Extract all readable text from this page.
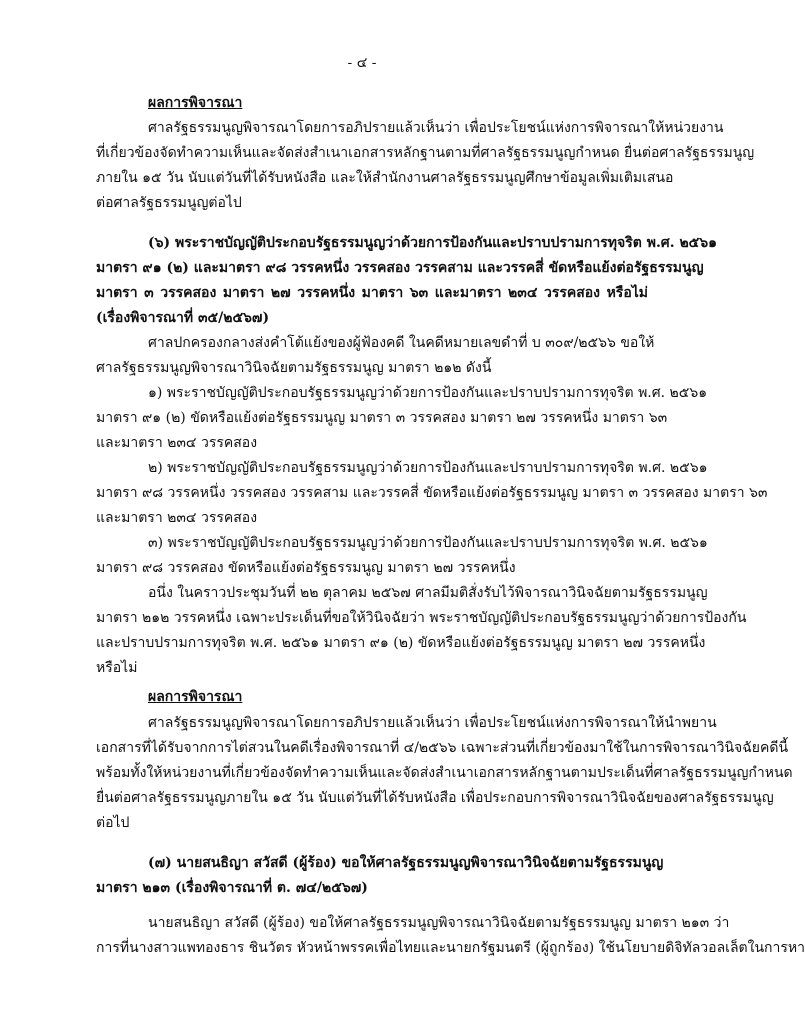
- ๔ -
ผลการพิจารณา
ศาลรัฐธรรมนูญพิจารณาโดยการอภิปรายแล้วเห็นว่า เพื่อประโยชน์แห่งการพิจารณาให้หน่วยงาน
ที่เกี่ยวข้องจัดทำความเห็นและจัดส่งสำเนาเอกสารหลักฐานตามที่ศาลรัฐธรรมนูญกำหนด ยื่นต่อศาลรัฐธรรมนูญ
ภายใน ๑๕ วัน นับแต่วันที่ได้รับหนังสือ และให้สำนักงานศาลรัฐธรรมนูญศึกษาข้อมูลเพิ่มเติมเสนอ
ต่อศาลรัฐธรรมนูญต่อไป
(๖) พระราชบัญญัติประกอบรัฐธรรมนูญว่าด้วยการป้องกันและปราบปรามการทุจริต พ.ศ. ๒๕๖๑
มาตรา ๙๑ (๒) และมาตรา ๙๘ วรรคหนึ่ง วรรคสอง วรรคสาม และวรรคสี่ ขัดหรือแย้งต่อรัฐธรรมนูญ
มาตรา ๓ วรรคสอง มาตรา ๒๗ วรรคหนึ่ง มาตรา ๖๓ และมาตรา ๒๓๔ วรรคสอง หรือไม่
(เรื่องพิจารณาที่ ๓๕/๒๕๖๗)
ศาลปกครองกลางส่งคำโต้แย้งของผู้ฟ้องคดี ในคดีหมายเลขดำที่ บ ๓๐๙/๒๕๖๖ ขอให้
ศาลรัฐธรรมนูญพิจารณาวินิจฉัยตามรัฐธรรมนูญ มาตรา ๒๑๒ ดังนี้
๑) พระราชบัญญัติประกอบรัฐธรรมนูญว่าด้วยการป้องกันและปราบปรามการทุจริต พ.ศ. ๒๕๖๑
มาตรา ๙๑ (๒) ขัดหรือแย้งต่อรัฐธรรมนูญ มาตรา ๓ วรรคสอง มาตรา ๒๗ วรรคหนึ่ง มาตรา ๖๓
และมาตรา ๒๓๔ วรรคสอง
๒) พระราชบัญญัติประกอบรัฐธรรมนูญว่าด้วยการป้องกันและปราบปรามการทุจริต พ.ศ. ๒๕๖๑
มาตรา ๙๘ วรรคหนึ่ง วรรคสอง วรรคสาม และวรรคสี่ ขัดหรือแย้งต่อรัฐธรรมนูญ มาตรา ๓ วรรคสอง มาตรา ๖๓
และมาตรา ๒๓๔ วรรคสอง
๓) พระราชบัญญัติประกอบรัฐธรรมนูญว่าด้วยการป้องกันและปราบปรามการทุจริต พ.ศ. ๒๕๖๑
มาตรา ๙๘ วรรคสอง ขัดหรือแย้งต่อรัฐธรรมนูญ มาตรา ๒๗ วรรคหนึ่ง
อนึ่ง ในคราวประชุมวันที่ ๒๒ ตุลาคม ๒๕๖๗ ศาลมีมติสั่งรับไว้พิจารณาวินิจฉัยตามรัฐธรรมนูญ
มาตรา ๒๑๒ วรรคหนึ่ง เฉพาะประเด็นที่ขอให้วินิจฉัยว่า พระราชบัญญัติประกอบรัฐธรรมนูญว่าด้วยการป้องกัน
และปราบปรามการทุจริต พ.ศ. ๒๕๖๑ มาตรา ๙๑ (๒) ขัดหรือแย้งต่อรัฐธรรมนูญ มาตรา ๒๗ วรรคหนึ่ง
หรือไม่
ผลการพิจารณา
ศาลรัฐธรรมนูญพิจารณาโดยการอภิปรายแล้วเห็นว่า เพื่อประโยชน์แห่งการพิจารณาให้นำพยาน
เอกสารที่ได้รับจากการไต่สวนในคดีเรื่องพิจารณาที่ ๔/๒๕๖๖ เฉพาะส่วนที่เกี่ยวข้องมาใช้ในการพิจารณาวินิจฉัยคดีนี้
พร้อมทั้งให้หน่วยงานที่เกี่ยวข้องจัดทำความเห็นและจัดส่งสำเนาเอกสารหลักฐานตามประเด็นที่ศาลรัฐธรรมนูญกำหนด
ยื่นต่อศาลรัฐธรรมนูญภายใน ๑๕ วัน นับแต่วันที่ได้รับหนังสือ เพื่อประกอบการพิจารณาวินิจฉัยของศาลรัฐธรรมนูญ
ต่อไป
(๗) นายสนธิญา สวัสดี (ผู้ร้อง) ขอให้ศาลรัฐธรรมนูญพิจารณาวินิจฉัยตามรัฐธรรมนูญ
มาตรา ๒๑๓ (เรื่องพิจารณาที่ ต. ๗๔/๒๕๖๗)
นายสนธิญา สวัสดี (ผู้ร้อง) ขอให้ศาลรัฐธรรมนูญพิจารณาวินิจฉัยตามรัฐธรรมนูญ มาตรา ๒๑๓ ว่า
การที่นางสาวแพทองธาร ชินวัตร หัวหน้าพรรคเพื่อไทยและนายกรัฐมนตรี (ผู้ถูกร้อง) ใช้นโยบายดิจิทัลวอลเล็ตในการหา
